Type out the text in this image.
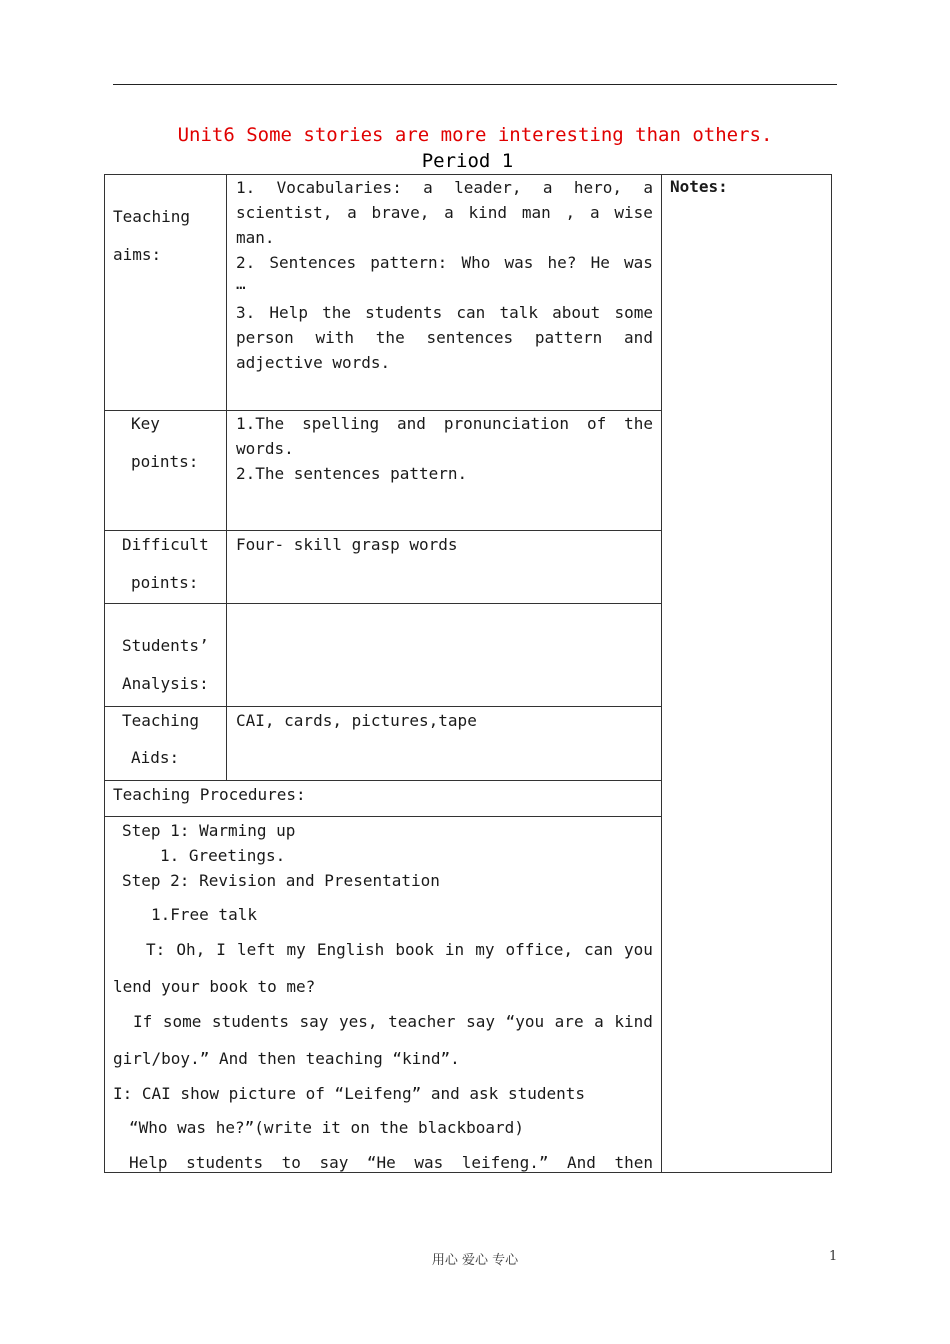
Unit6 Some stories are more interesting than others.
Period 1
Notes:
Teaching
aims:
1. Vocabularies: a leader, a hero, a
scientist, a brave, a kind man , a wise
man.
2. Sentences pattern: Who was he? He was
…
3. Help the students can talk about some
person with the sentences pattern and
adjective words.
Key
points:
1.The spelling and pronunciation of the
words.
2.The sentences pattern.
Difficult
points:
Four- skill grasp words
Students’
Analysis:
Teaching
Aids:
CAI, cards, pictures,tape
Teaching Procedures:
Step 1: Warming up
1. Greetings.
Step 2: Revision and Presentation
1.Free talk
T: Oh, I left my English book in my office, can you
lend your book to me?
If some students say yes, teacher say “you are a kind
girl/boy.” And then teaching “kind”.
I: CAI show picture of “Leifeng” and ask students
“Who was he?”(write it on the blackboard)
Help students to say “He was leifeng.” And then
用心 爱心 专心	1
